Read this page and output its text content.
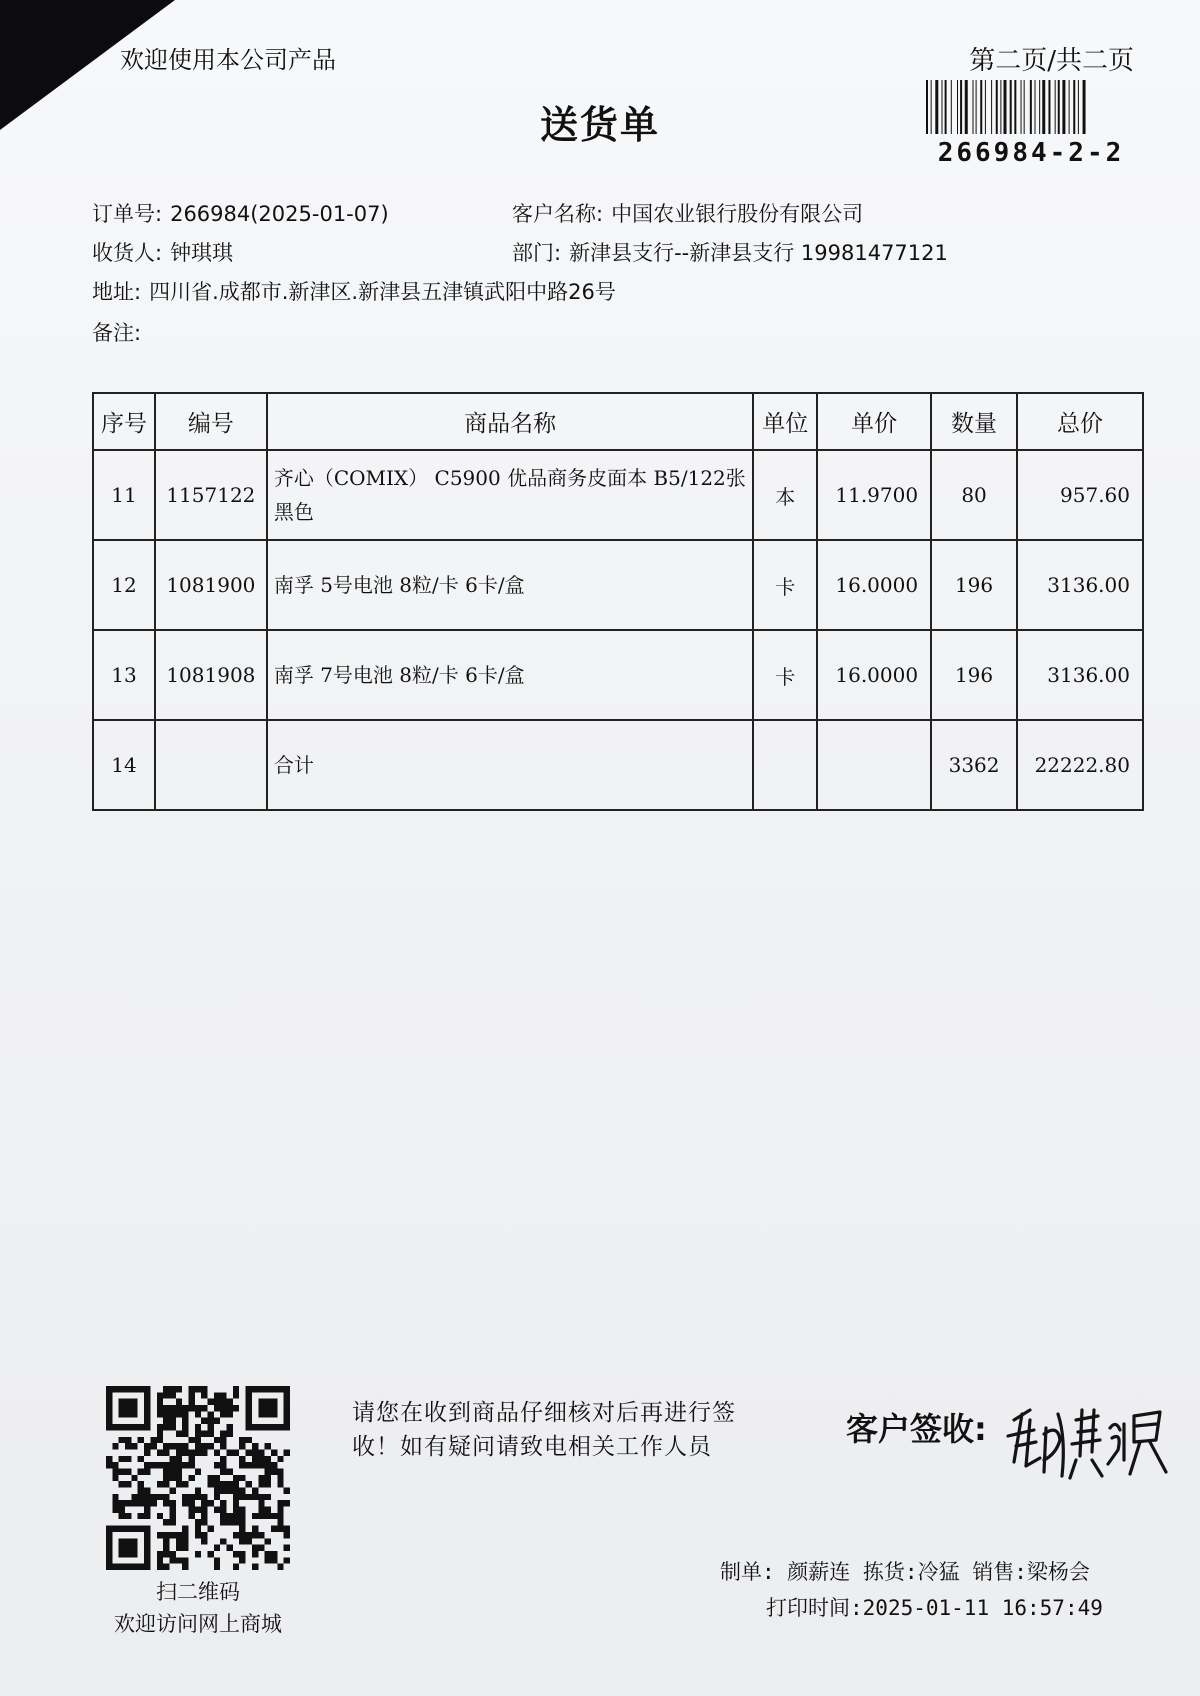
欢迎使用本公司产品	第二页/共二页
送货单
266984-2-2
订单号: 266984(2025-01-07)	客户名称: 中国农业银行股份有限公司
收货人: 钟琪琪	部门: 新津县支行--新津县支行 19981477121
地址: 四川省.成都市.新津区.新津县五津镇武阳中路26号
备注:
序号	编号	商品名称	单位	单价	数量	总价
11	1157122	齐心（COMIX） C5900 优品商务皮面本 B5/122张 黑色	本	11.9700	80	957.60
12	1081900	南孚 5号电池 8粒/卡 6卡/盒	卡	16.0000	196	3136.00
13	1081908	南孚 7号电池 8粒/卡 6卡/盒	卡	16.0000	196	3136.00
14		合计			3362	22222.80
扫二维码
欢迎访问网上商城
请您在收到商品仔细核对后再进行签收！如有疑问请致电相关工作人员	客户签收:
制单: 颜薪连 拣货:冷猛 销售:梁杨会
打印时间:2025-01-11 16:57:49
